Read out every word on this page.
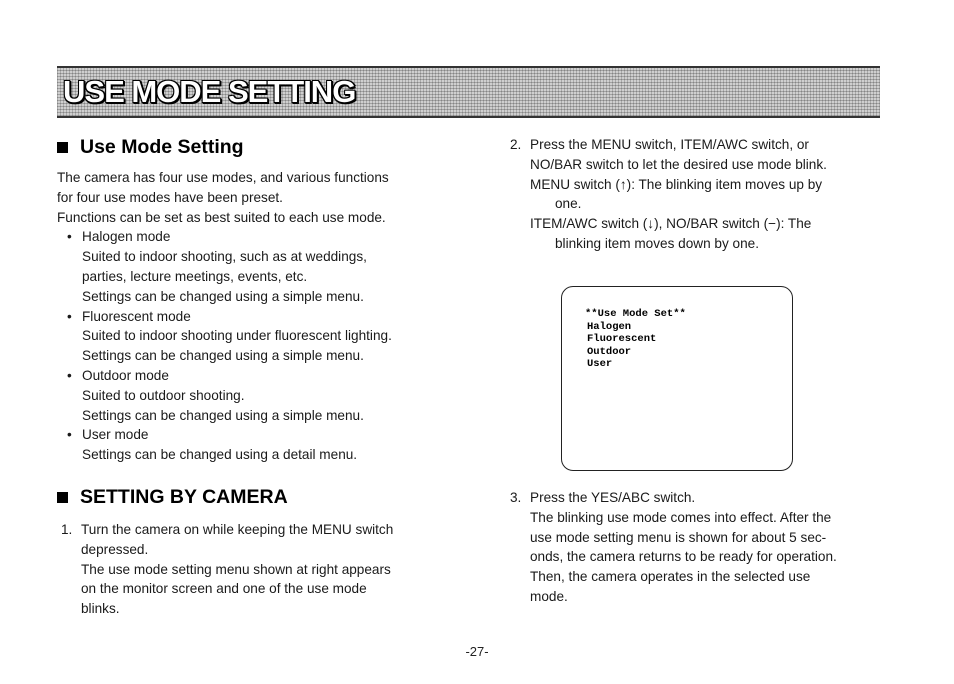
USE MODE SETTING
Use Mode Setting

The camera has four use modes, and various functions

for four use modes have been preset.

Functions can be set as best suited to each use mode.

• Halogen mode

Suited to indoor shooting, such as at weddings,

parties, lecture meetings, events, etc.

Settings can be changed using a simple menu.

• Fluorescent mode

Suited to indoor shooting under fluorescent lighting.

Settings can be changed using a simple menu.

• Outdoor mode

Suited to outdoor shooting.

Settings can be changed using a simple menu.

• User mode

Settings can be changed using a detail menu.

SETTING BY CAMERA
1. Turn the camera on while keeping the MENU switch

depressed.

The use mode setting menu shown at right appears

on the monitor screen and one of the use mode

blinks.

2. Press the MENU switch, ITEM/AWC switch, or

NO/BAR switch to let the desired use mode blink.

MENU switch (↑): The blinking item moves up by

one.

ITEM/AWC switch (↓), NO/BAR switch (−): The

blinking item moves down by one.

**Use Mode Set**

Halogen

Fluorescent

Outdoor

User

3. Press the YES/ABC switch.

The blinking use mode comes into effect. After the

use mode setting menu is shown for about 5 sec-

onds, the camera returns to be ready for operation.

Then, the camera operates in the selected use

mode.

-27-
